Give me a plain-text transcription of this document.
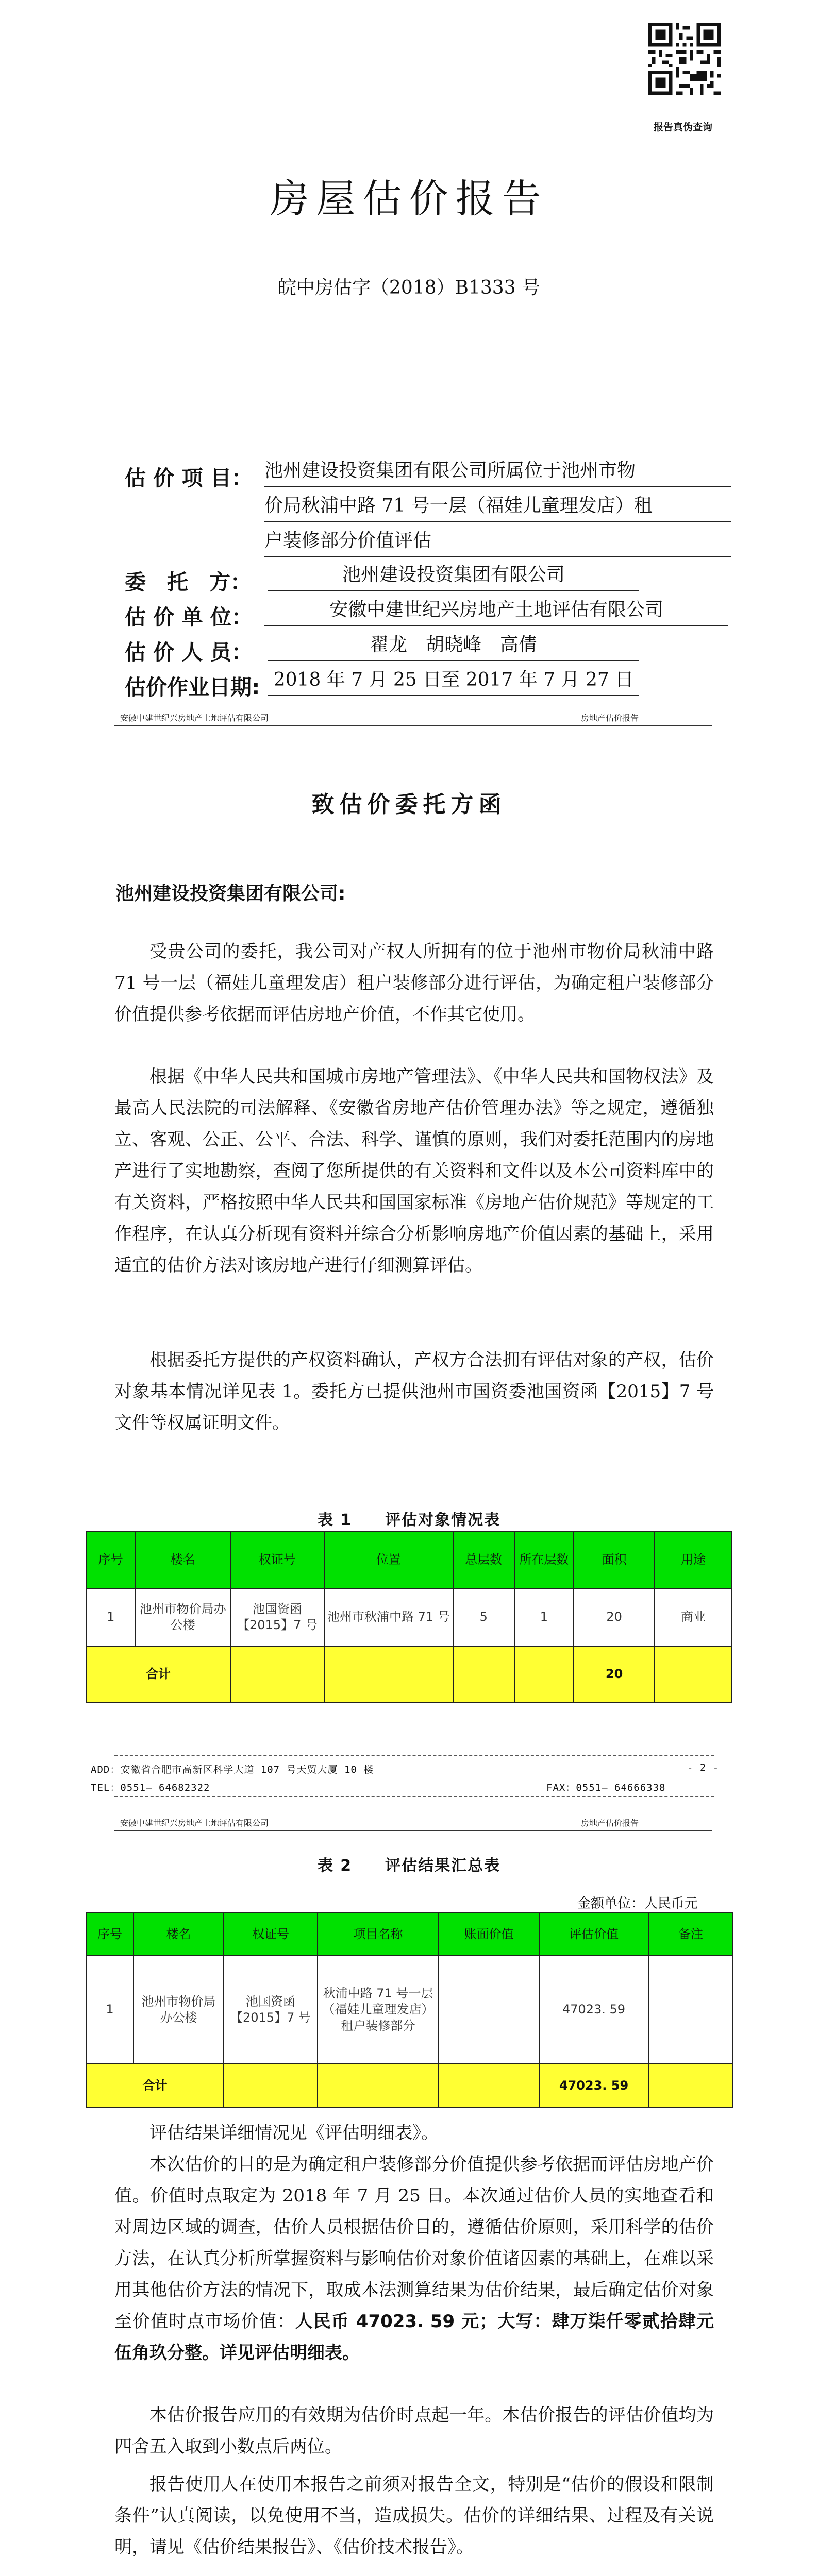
报告真伪查询
房屋估价报告
皖中房估字（2018）B1333 号
估 价 项 目： 池州建设投资集团有限公司所属位于池州市物
价局秋浦中路 71 号一层（福娃儿童理发店）租
户装修部分价值评估
委　托　方：	池州建设投资集团有限公司
估 价 单 位：	安徽中建世纪兴房地产土地评估有限公司
估 价 人 员：	翟龙　胡晓峰　高倩
估价作业日期: 2018 年 7 月 25 日至 2017 年 7 月 27 日
安徽中建世纪兴房地产土地评估有限公司	房地产估价报告
致估价委托方函
池州建设投资集团有限公司:
受贵公司的委托，我公司对产权人所拥有的位于池州市物价局秋浦中路 71 号一层（福娃儿童理发店）租户装修部分进行评估，为确定租户装修部分价值提供参考依据而评估房地产价值，不作其它使用。
根据《中华人民共和国城市房地产管理法》、《中华人民共和国物权法》及最高人民法院的司法解释、《安徽省房地产估价管理办法》等之规定，遵循独立、客观、公正、公平、合法、科学、谨慎的原则，我们对委托范围内的房地产进行了实地勘察，查阅了您所提供的有关资料和文件以及本公司资料库中的有关资料，严格按照中华人民共和国国家标准《房地产估价规范》等规定的工作程序，在认真分析现有资料并综合分析影响房地产价值因素的基础上，采用适宜的估价方法对该房地产进行仔细测算评估。
根据委托方提供的产权资料确认，产权方合法拥有评估对象的产权，估价对象基本情况详见表 1。委托方已提供池州市国资委池国资函【2015】7 号文件等权属证明文件。
表 1　　评估对象情况表
序号	楼名	权证号	位置	总层数	所在层数	面积	用途
1	池州市物价局办公楼	池国资函【2015】7 号	池州市秋浦中路 71 号	5	1	20	商业
合计						20	
ADD：安徽省合肥市高新区科学大道 107 号天贸大厦 10 楼	- 2 -
TEL：0551— 64682322	FAX：0551— 64666338
安徽中建世纪兴房地产土地评估有限公司	房地产估价报告
表 2　　评估结果汇总表
金额单位：人民币元
序号	楼名	权证号	项目名称	账面价值	评估价值	备注
1	池州市物价局办公楼	池国资函【2015】7 号	秋浦中路 71 号一层（福娃儿童理发店）租户装修部分		47023. 59	
合计					47023. 59	
评估结果详细情况见《评估明细表》。
本次估价的目的是为确定租户装修部分价值提供参考依据而评估房地产价值。价值时点取定为 2018 年 7 月 25 日。本次通过估价人员的实地查看和对周边区域的调查，估价人员根据估价目的，遵循估价原则，采用科学的估价方法，在认真分析所掌握资料与影响估价对象价值诸因素的基础上，在难以采用其他估价方法的情况下，取成本法测算结果为估价结果，最后确定估价对象至价值时点市场价值：人民币 47023. 59 元；大写：肆万柒仟零贰拾肆元伍角玖分整。详见评估明细表。
本估价报告应用的有效期为估价时点起一年。本估价报告的评估价值均为四舍五入取到小数点后两位。
报告使用人在使用本报告之前须对报告全文，特别是“估价的假设和限制条件”认真阅读，以免使用不当，造成损失。估价的详细结果、过程及有关说明，请见《估价结果报告》、《估价技术报告》。
